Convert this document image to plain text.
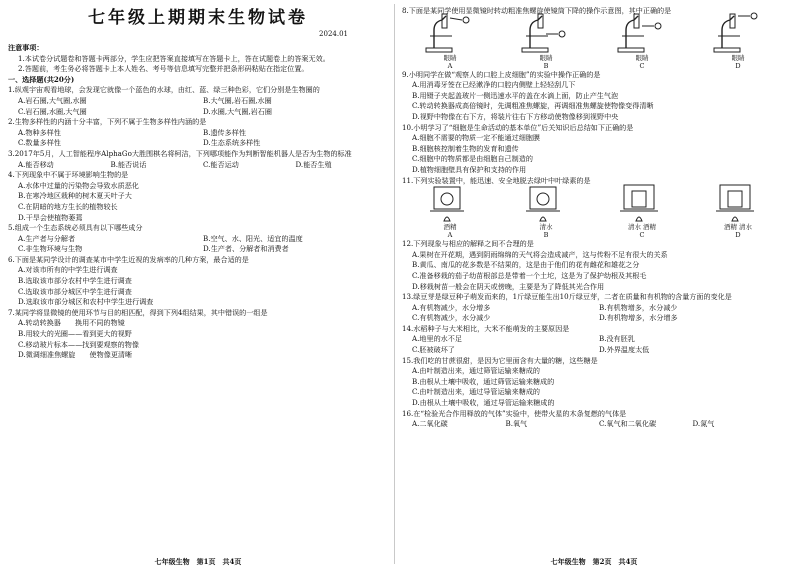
七年级上期期末生物试卷
2024.01
注意事项：

1.本试卷分试题卷和答题卡两部分，学生应把答案直接填写在答题卡上，答在试题卷上的答案无效。

2.答题前，考生务必将答题卡上本人姓名、考号等信息填写完整并把条形码粘贴在指定位置。

一、选择题(共20分)

1.纵观宇宙观看地球，会发现它就像一个蓝色的水球，由红、蓝、绿三种色彩，它们分别是生物圈的

A.岩石圈,大气圈,水圈	B.大气圈,岩石圈,水圈
C.岩石圈,水圈,大气圈	D.水圈,大气圈,岩石圈

2.生物多样性的内涵十分丰富，下列不属于生物多样性内涵的是

A.物种多样性	B.遗传多样性
C.数量多样性	D.生态系统多样性

3.2017年5月，人工智能程序AlphaGo大胜围棋名将柯洁，下列哪项能作为判断智能机器人是否为生物的标准

A.能否移动	B.能否说话	C.能否运动	D.能否生殖

4.下列现象中不属于环境影响生物的是

A.水体中过量的污染物会导致水质恶化
B.在寒冷地区栽种的树木夏天叶子大
C.在阴暗的地方生长的植物较长
D.干旱会使植物萎蔫

5.组成一个生态系统必须具有以下哪些成分

A.生产者与分解者	B.空气、水、阳光、适宜的温度
C.非生物环境与生物	D.生产者、分解者和消费者

6.下面是某同学设计的调查某市中学生近视的发病率的几种方案，最合适的是

A.对该市所有的中学生进行调查
B.选取该市部分农村中学生进行调查
C.选取该市部分城区中学生进行调查
D.选取该市部分城区和农村中学生进行调查

7.某同学将显微镜的使用环节与目的相匹配，得到下列4组结果，其中错误的一组是

A.转动转换器　　换用不同的物镜
B.用较大的光圈——看到更大的视野
C.移动玻片标本——找到要观察的物像
D.微调细准焦螺旋　　使物像更清晰
七年级生物　第1页　共4页

8.下面是某同学使用显微镜时转动粗准焦螺旋使镜筒下降的操作示意图，其中正确的是

眼睛
A
眼睛
B
眼睛
C
眼睛
D

9.小明同学在做“观察人的口腔上皮细胞”的实验中操作正确的是

A.用消毒牙签在已经漱净的口腔内侧壁上轻轻刮几下
B.用镊子夹起盖玻片一侧迅速水平的盖在水滴上面，防止产生气泡
C.转动转换器成高倍镜时，先调粗准焦螺旋，再调细准焦螺旋使物像变得清晰
D.视野中物像在右下方，将装片往右下方移动使物像移到视野中央

10.小明学习了“细胞是生命活动的基本单位”后关知识后总结如下正确的是

A.细胞不需要的物质一定不能通过细胞膜
B.细胞核控制着生物的发育和遗传
C.细胞中的物质都是由细胞自己制造的
D.植物细胞壁具有保护和支持的作用

11.下列实验装置中，能迅速、安全地脱去绿叶中叶绿素的是

酒精
A
清水
B
清水 酒精
C
酒精 清水
D

12.下列现象与相应的解释之间不合理的是

A.果树在开花期，遇到阴雨绵绵的天气将会造成减产，这与传粉不足有很大的关系
B.黄瓜、南瓜的花多数是不结果的，这是由于他们的花有雌花和雄花之分
C.准备移栽的茄子幼苗根部总是带着一个土坨，这是为了保护幼根及其根毛
D.移栽树苗一般会在阴天或傍晚，主要是为了降低其光合作用

13.绿豆芽是绿豆种子萌发而来的，1斤绿豆能生出10斤绿豆芽，二者在质量和有机物的含量方面的变化是

A.有机物减少，水分增多	B.有机物增多，水分减少
C.有机物减少，水分减少	D.有机物增多，水分增多

14.水稻种子与大米相比，大米不能萌发的主要原因是

A.地里的水不足	B.没有胚乳
C.胚被破坏了	D.外界温度太低

15.我们吃的甘蔗很甜，是因为它里面含有大量的糖，这些糖是

A.由叶制造出来，通过筛管运输来糖成的
B.由根从土壤中吸收，通过筛管运输来糖成的
C.由叶制造出来，通过导管运输来糖成的
D.由根从土壤中吸收，通过导管运输来糖成的

16.在“检验光合作用释放的气体”实验中，使带火星的木条复燃的气体是

A.二氧化碳	B.氧气	C.氧气和二氧化碳	D.氮气
七年级生物　第2页　共4页
